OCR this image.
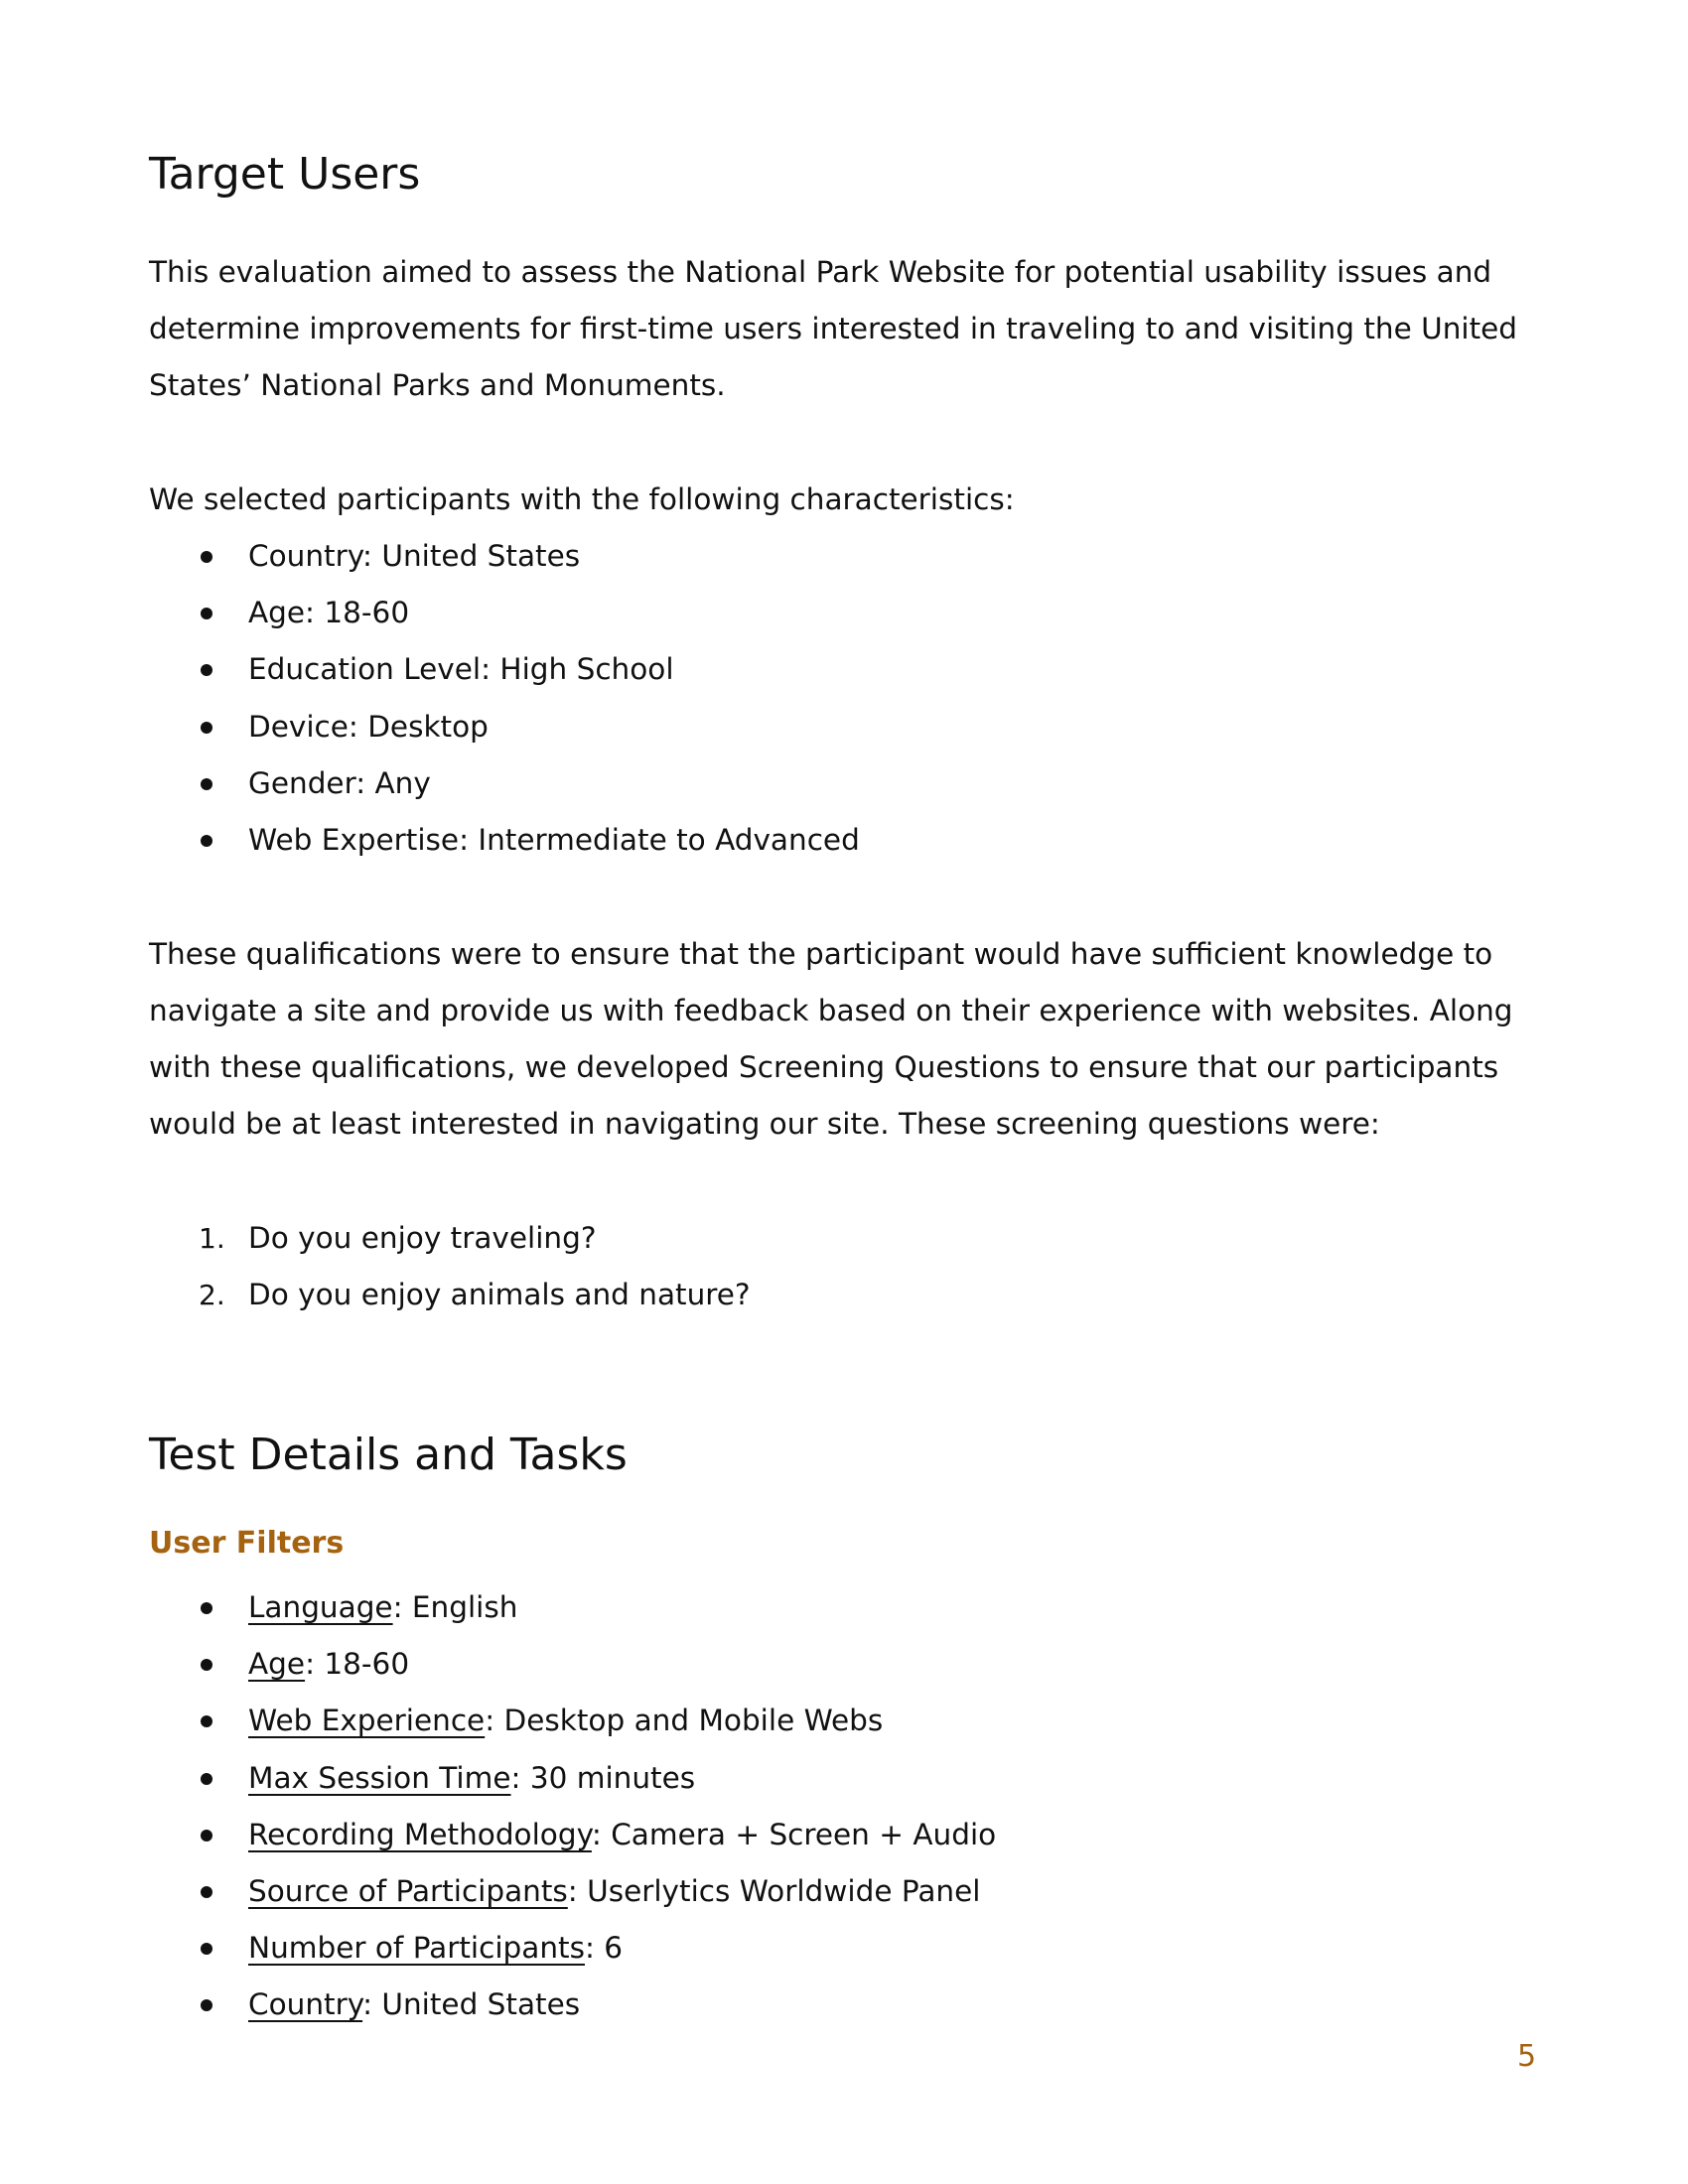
Target Users

This evaluation aimed to assess the National Park Website for potential usability issues and determine improvements for first-time users interested in traveling to and visiting the United States’ National Parks and Monuments.

We selected participants with the following characteristics:

Country: United States
Age: 18-60
Education Level: High School
Device: Desktop
Gender: Any
Web Expertise: Intermediate to Advanced

These qualifications were to ensure that the participant would have sufficient knowledge to navigate a site and provide us with feedback based on their experience with websites. Along with these qualifications, we developed Screening Questions to ensure that our participants would be at least interested in navigating our site. These screening questions were:

1. Do you enjoy traveling?
2. Do you enjoy animals and nature?
Test Details and Tasks
User Filters
Language: English
Age: 18-60
Web Experience: Desktop and Mobile Webs
Max Session Time: 30 minutes
Recording Methodology: Camera + Screen + Audio
Source of Participants: Userlytics Worldwide Panel
Number of Participants: 6
Country: United States
5
